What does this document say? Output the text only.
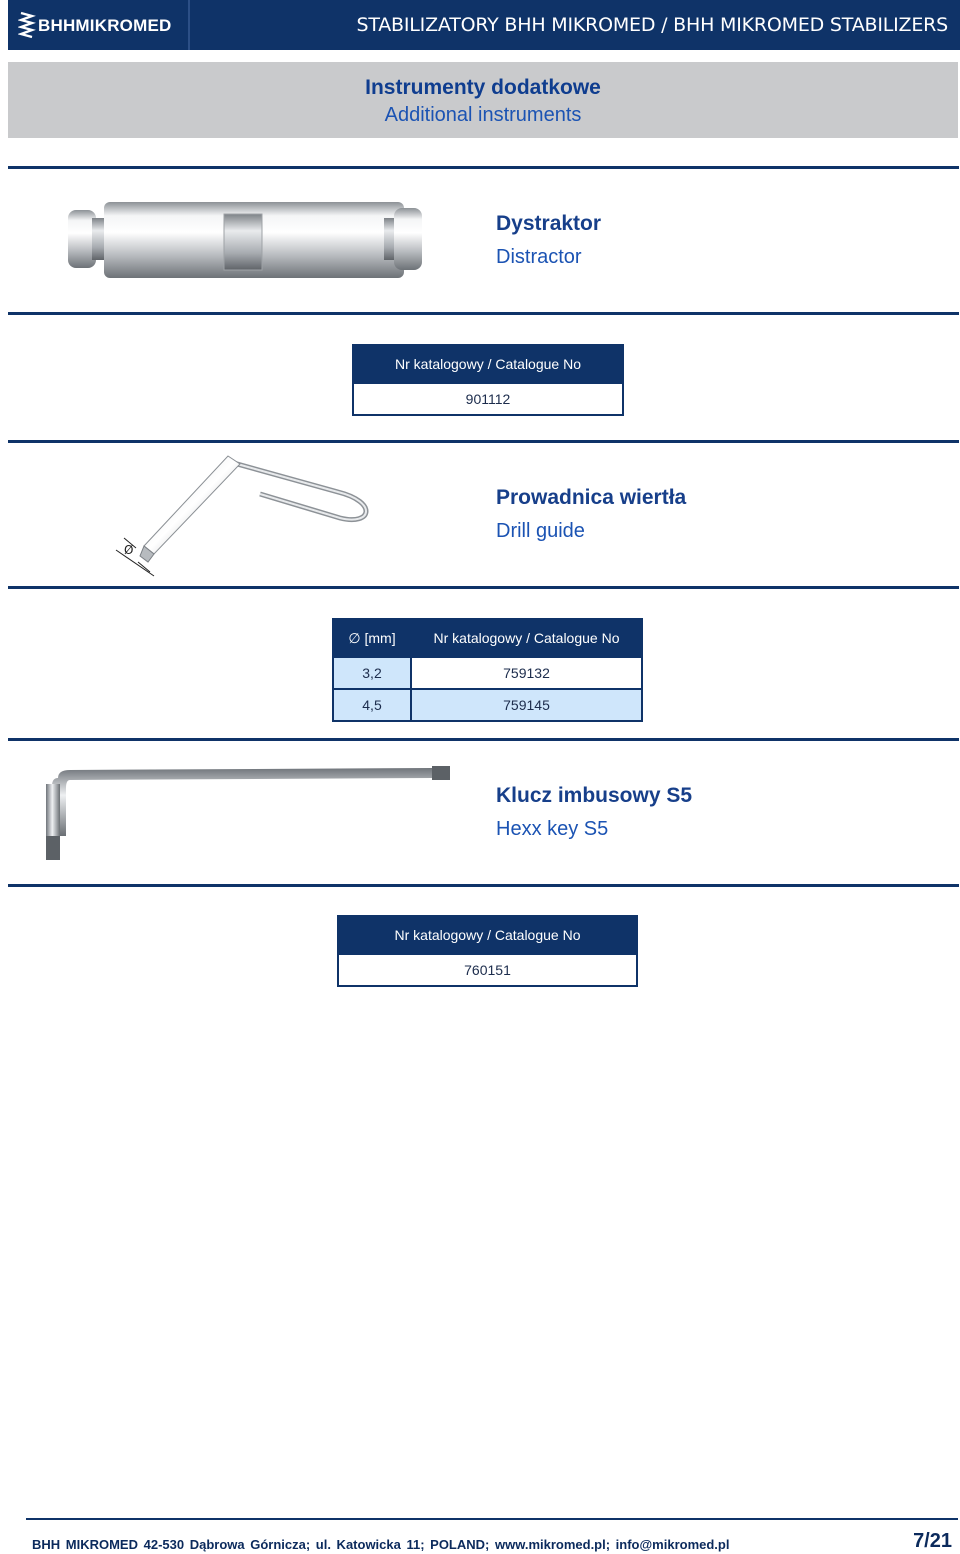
BHHMIKROMED	STABILIZATORY BHH MIKROMED / BHH MIKROMED STABILIZERS
Instrumenty dodatkowe
Additional instruments
Dystraktor
Distractor
Nr katalogowy / Catalogue No
901112
Ø
Prowadnica wiertła
Drill guide
∅ [mm]	Nr katalogowy / Catalogue No
3,2	759132
4,5	759145
Klucz imbusowy S5
Hexx key S5
Nr katalogowy / Catalogue No
760151
BHH MIKROMED 42-530 Dąbrowa Górnicza; ul. Katowicka 11; POLAND; www.mikromed.pl; info@mikromed.pl	7/21
